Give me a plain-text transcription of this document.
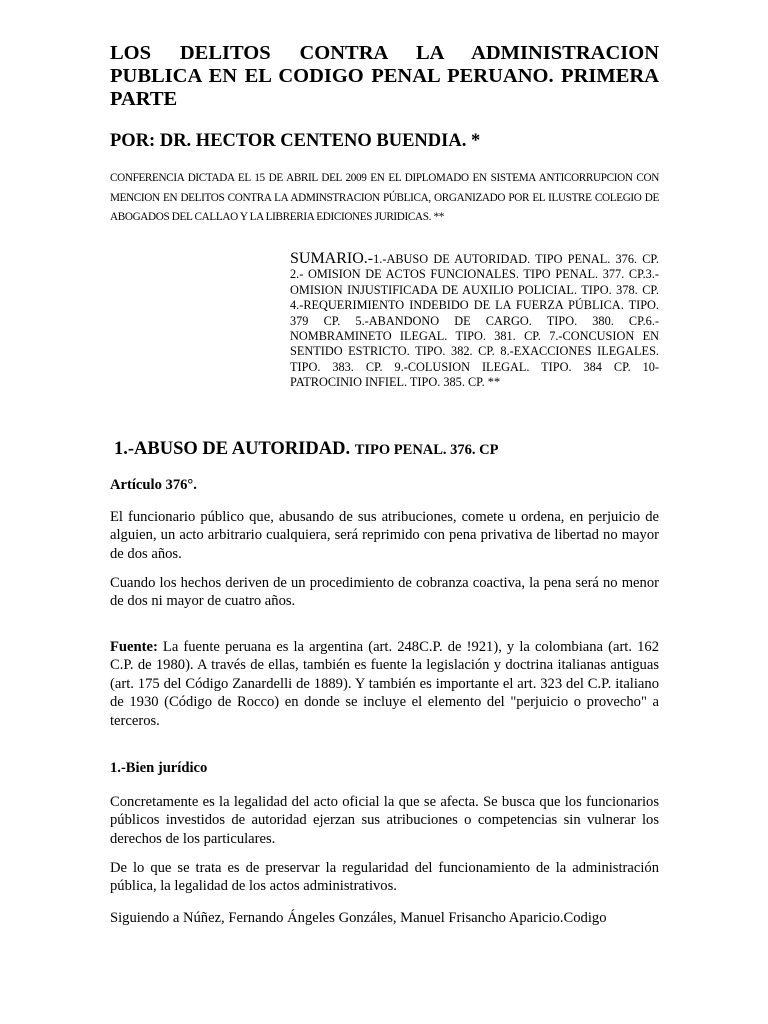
LOS DELITOS CONTRA LA ADMINISTRACION PUBLICA EN EL CODIGO PENAL PERUANO. PRIMERA PARTE
POR: DR. HECTOR CENTENO BUENDIA. *
CONFERENCIA DICTADA EL 15 DE ABRIL DEL 2009 EN EL DIPLOMADO EN SISTEMA ANTICORRUPCION CON MENCION EN DELITOS CONTRA LA ADMINSTRACION PÚBLICA, ORGANIZADO POR EL ILUSTRE COLEGIO DE ABOGADOS DEL CALLAO Y LA LIBRERIA EDICIONES JURIDICAS. **
SUMARIO.-1.-ABUSO DE AUTORIDAD. TIPO PENAL. 376. CP. 2.- OMISION DE ACTOS FUNCIONALES. TIPO PENAL. 377. CP.3.-OMISION INJUSTIFICADA DE AUXILIO POLICIAL. TIPO. 378. CP. 4.-REQUERIMIENTO INDEBIDO DE LA FUERZA PÚBLICA. TIPO. 379 CP. 5.-ABANDONO DE CARGO. TIPO. 380. CP.6.-NOMBRAMINETO ILEGAL. TIPO. 381. CP. 7.-CONCUSION EN SENTIDO ESTRICTO. TIPO. 382. CP. 8.-EXACCIONES ILEGALES. TIPO. 383. CP. 9.-COLUSION ILEGAL. TIPO. 384 CP. 10-PATROCINIO INFIEL. TIPO. 385. CP. **
1.-ABUSO DE AUTORIDAD. TIPO PENAL. 376. CP
Artículo 376°.
El funcionario público que, abusando de sus atribuciones, comete u ordena, en perjuicio de alguien, un acto arbitrario cualquiera, será reprimido con pena privativa de libertad no mayor de dos años.
Cuando los hechos deriven de un procedimiento de cobranza coactiva, la pena será no menor de dos ni mayor de cuatro años.
Fuente: La fuente peruana es la argentina (art. 248C.P. de !921), y la colombiana (art. 162 C.P. de 1980). A través de ellas, también es fuente la legislación y doctrina italianas antiguas (art. 175 del Código Zanardelli de 1889). Y también es importante el art. 323 del C.P. italiano de 1930 (Código de Rocco) en donde se incluye el elemento del "perjuicio o provecho" a terceros.
1.-Bien jurídico
Concretamente es la legalidad del acto oficial la que se afecta. Se busca que los funcionarios públicos investidos de autoridad ejerzan sus atribuciones o competencias sin vulnerar los derechos de los particulares.
De lo que se trata es de preservar la regularidad del funcionamiento de la administración pública, la legalidad de los actos administrativos.
Siguiendo a Núñez, Fernando Ángeles Gonzáles, Manuel Frisancho Aparicio.Codigo
